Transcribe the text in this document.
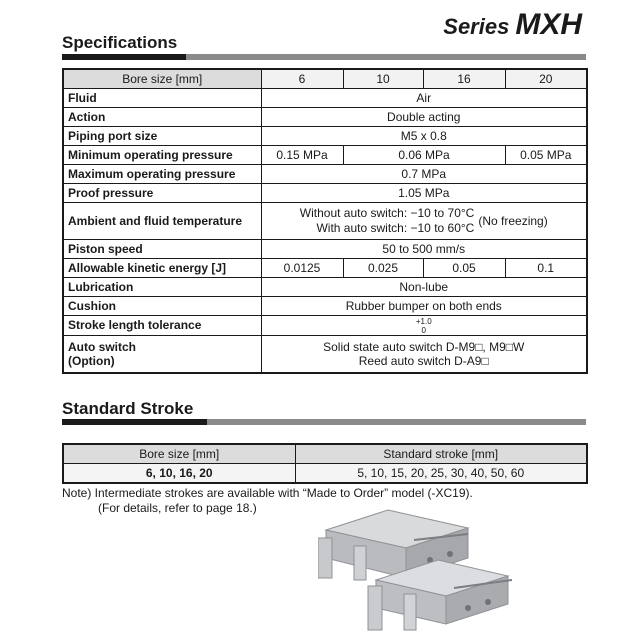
Series MXH
Specifications
Bore size [mm]	6	10	16	20
Fluid	Air			
Action	Double acting			
Piping port size	M5 x 0.8			
Minimum operating pressure	0.15 MPa	0.06 MPa		0.05 MPa
Maximum operating pressure	0.7 MPa			
Proof pressure	1.05 MPa			
Ambient and fluid temperature	Without auto switch: −10 to 70°C
With auto switch: −10 to 60°C (No freezing)			

Piston speed	50 to 500 mm/s			
Allowable kinetic energy [J]	0.0125	0.025	0.05	0.1
Lubrication	Non-lube			
Cushion	Rubber bumper on both ends			
Stroke length tolerance	+1.0
0			
Auto switch
(Option)	Solid state auto switch D-M9□, M9□W
Reed auto switch D-A9□			
Standard Stroke
Bore size [mm]	Standard stroke [mm]
6, 10, 16, 20	5, 10, 15, 20, 25, 30, 40, 50, 60
Note) Intermediate strokes are available with “Made to Order” model (-XC19).
(For details, refer to page 18.)
